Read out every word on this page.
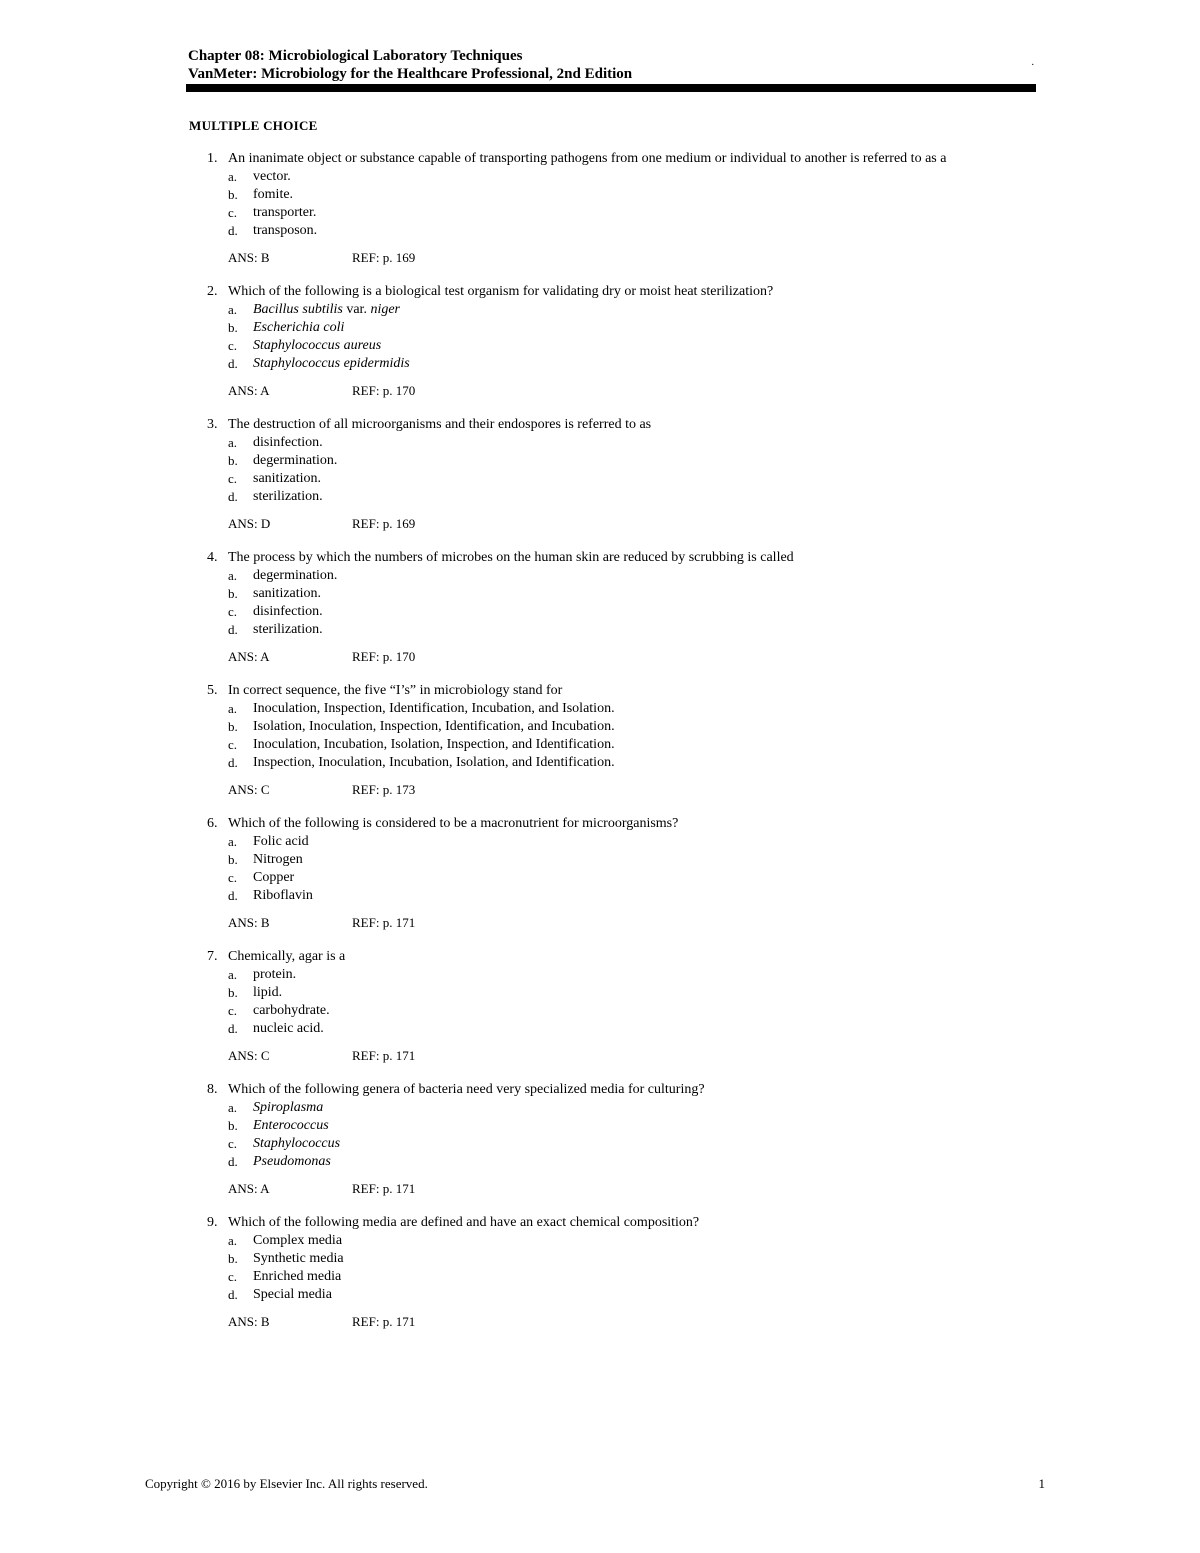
Chapter 08: Microbiological Laboratory Techniques
VanMeter: Microbiology for the Healthcare Professional, 2nd Edition
.
MULTIPLE CHOICE
1. An inanimate object or substance capable of transporting pathogens from one medium or individual to another is referred to as a
a.	vector.
b.	fomite.
c.	transporter.
d.	transposon.
ANS: B	REF: p. 169
2. Which of the following is a biological test organism for validating dry or moist heat sterilization?
a.	Bacillus subtilis var. niger
b.	Escherichia coli
c.	Staphylococcus aureus
d.	Staphylococcus epidermidis
ANS: A	REF: p. 170
3. The destruction of all microorganisms and their endospores is referred to as
a.	disinfection.
b.	degermination.
c.	sanitization.
d.	sterilization.
ANS: D	REF: p. 169
4. The process by which the numbers of microbes on the human skin are reduced by scrubbing is called
a.	degermination.
b.	sanitization.
c.	disinfection.
d.	sterilization.
ANS: A	REF: p. 170
5. In correct sequence, the five “I’s” in microbiology stand for
a.	Inoculation, Inspection, Identification, Incubation, and Isolation.
b.	Isolation, Inoculation, Inspection, Identification, and Incubation.
c.	Inoculation, Incubation, Isolation, Inspection, and Identification.
d.	Inspection, Inoculation, Incubation, Isolation, and Identification.
ANS: C	REF: p. 173
6. Which of the following is considered to be a macronutrient for microorganisms?
a.	Folic acid
b.	Nitrogen
c.	Copper
d.	Riboflavin
ANS: B	REF: p. 171
7. Chemically, agar is a
a.	protein.
b.	lipid.
c.	carbohydrate.
d.	nucleic acid.
ANS: C	REF: p. 171
8. Which of the following genera of bacteria need very specialized media for culturing?
a.	Spiroplasma
b.	Enterococcus
c.	Staphylococcus
d.	Pseudomonas
ANS: A	REF: p. 171
9. Which of the following media are defined and have an exact chemical composition?
a.	Complex media
b.	Synthetic media
c.	Enriched media
d.	Special media
ANS: B	REF: p. 171
Copyright © 2016 by Elsevier Inc. All rights reserved.	1
